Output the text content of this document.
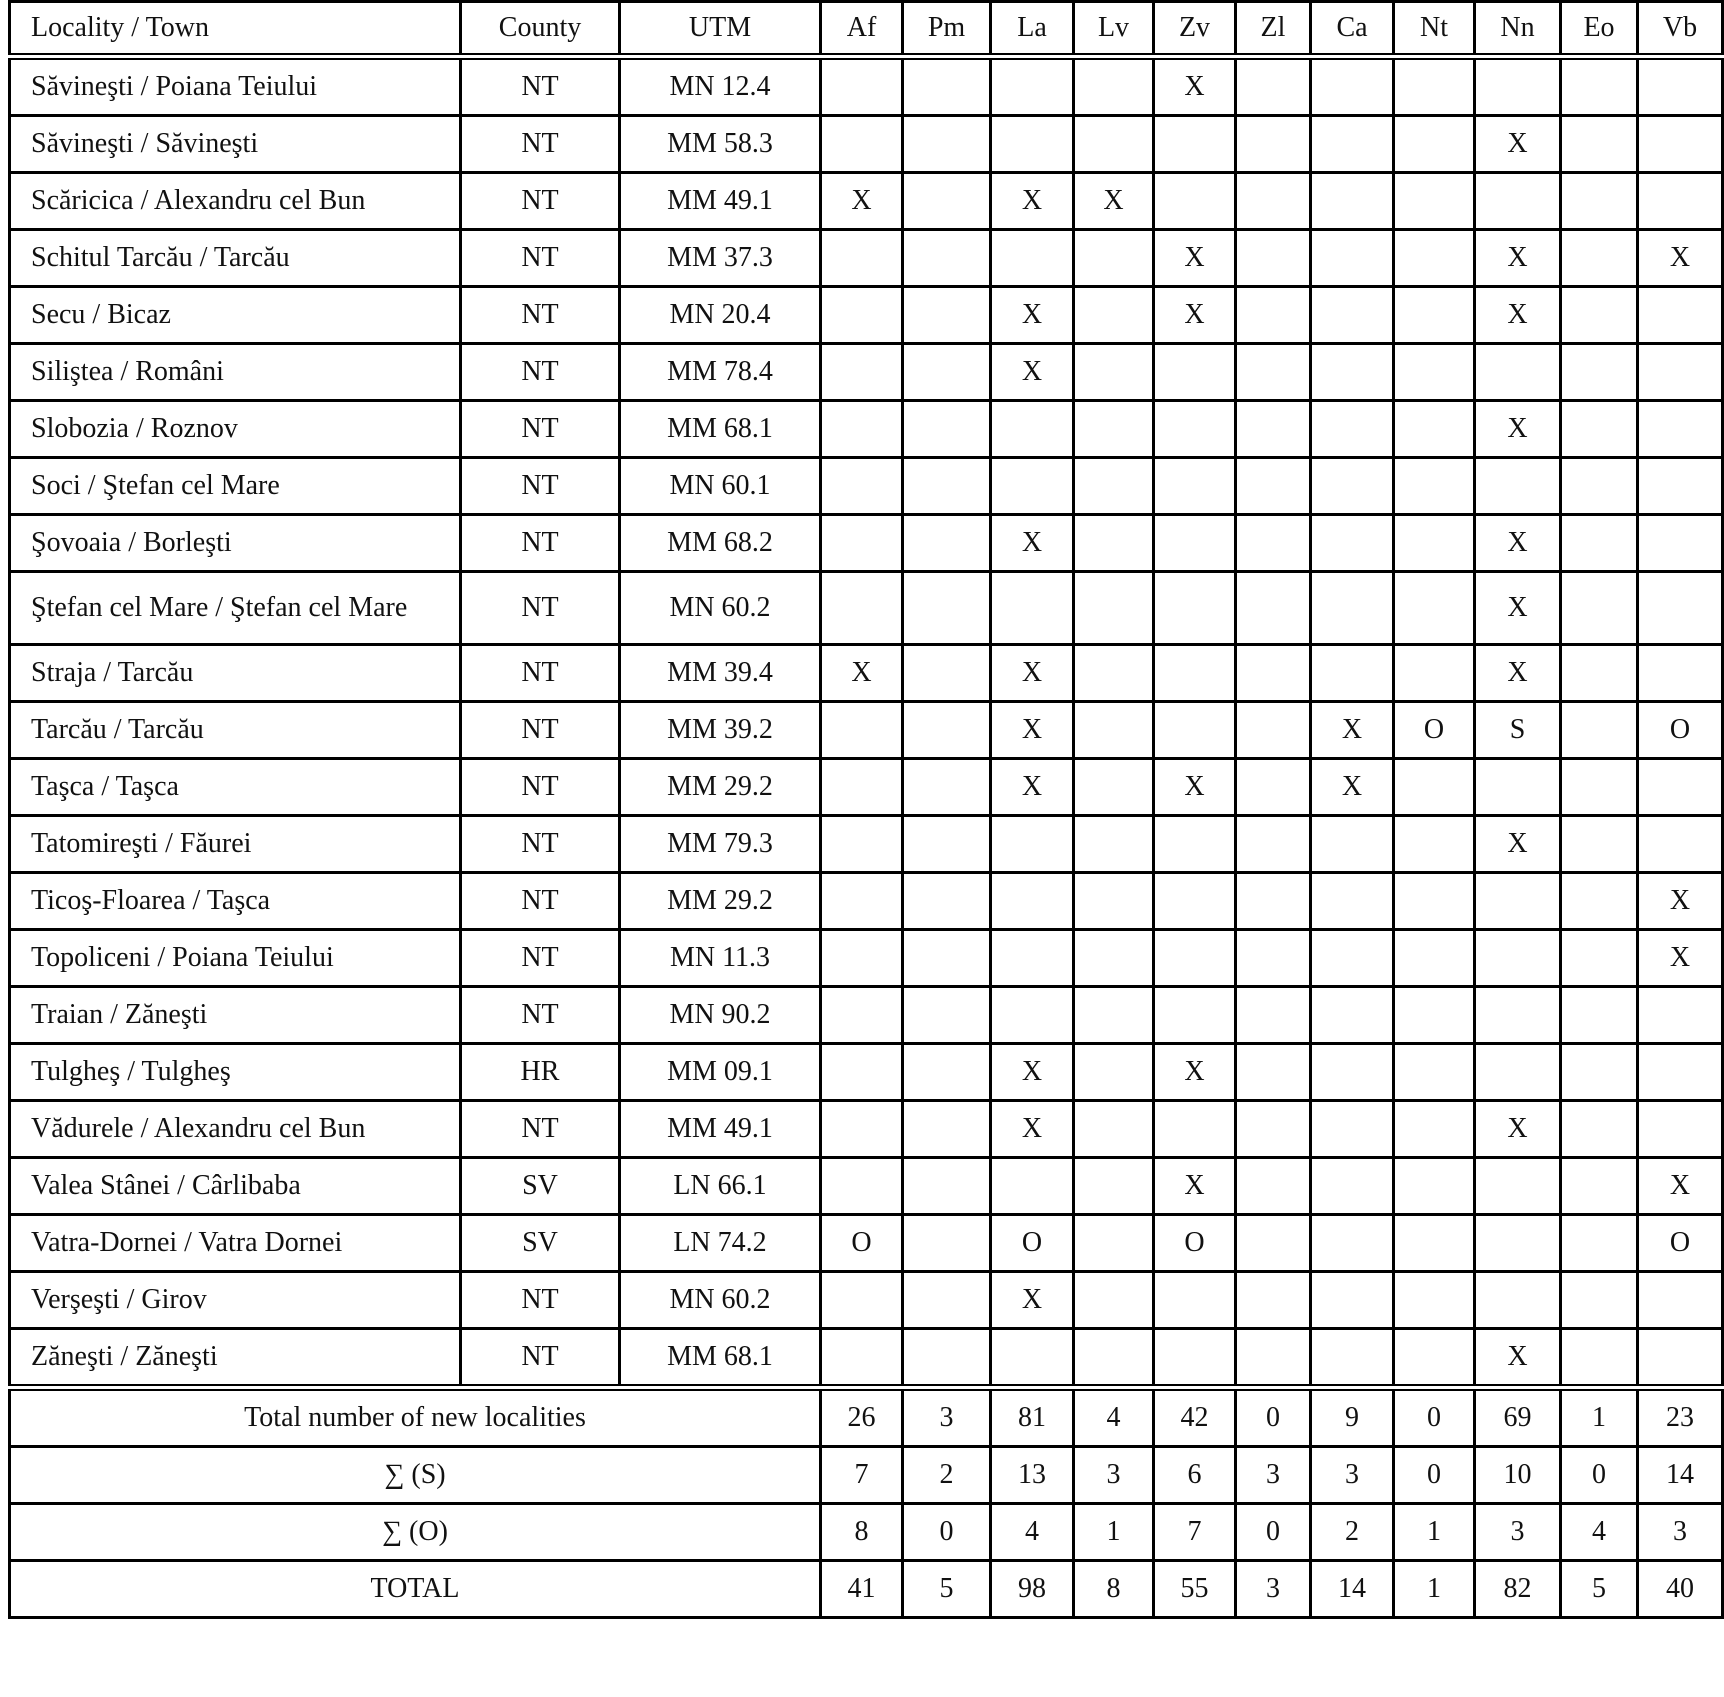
Locality / Town	County	UTM	Af	Pm	La	Lv	Zv	Zl	Ca	Nt	Nn	Eo	Vb
Săvineşti / Poiana Teiului	NT	MN 12.4					X						
Săvineşti / Săvineşti	NT	MM 58.3									X		
Scăricica / Alexandru cel Bun	NT	MM 49.1	X		X	X							
Schitul Tarcău / Tarcău	NT	MM 37.3					X				X		X
Secu / Bicaz	NT	MN 20.4			X		X				X		
Siliştea / Români	NT	MM 78.4			X								
Slobozia / Roznov	NT	MM 68.1									X		
Soci / Ştefan cel Mare	NT	MN 60.1											
Şovoaia / Borleşti	NT	MM 68.2			X						X		
Ştefan cel Mare / Ştefan cel Mare	NT	MN 60.2									X		
Straja / Tarcău	NT	MM 39.4	X		X						X		
Tarcău / Tarcău	NT	MM 39.2			X				X	O	S		O
Taşca / Taşca	NT	MM 29.2			X		X		X				
Tatomireşti / Făurei	NT	MM 79.3									X		
Ticoş-Floarea / Taşca	NT	MM 29.2											X
Topoliceni / Poiana Teiului	NT	MN 11.3											X
Traian / Zăneşti	NT	MN 90.2											
Tulgheş / Tulgheş	HR	MM 09.1			X		X						
Vădurele / Alexandru cel Bun	NT	MM 49.1			X						X		
Valea Stânei / Cârlibaba	SV	LN 66.1					X						X
Vatra-Dornei / Vatra Dornei	SV	LN 74.2	O		O		O						O
Verşeşti / Girov	NT	MN 60.2			X								
Zăneşti / Zăneşti	NT	MM 68.1									X		
Total number of new localities			26	3	81	4	42	0	9	0	69	1	23
∑ (S)			7	2	13	3	6	3	3	0	10	0	14
∑ (O)			8	0	4	1	7	0	2	1	3	4	3
TOTAL			41	5	98	8	55	3	14	1	82	5	40
